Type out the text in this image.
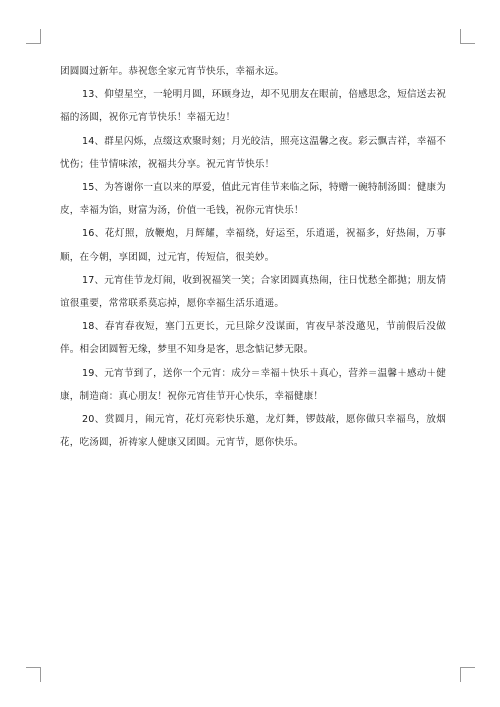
团圆圆过新年。恭祝您全家元宵节快乐，幸福永远。

13、仰望星空，一轮明月圆，环顾身边，却不见朋友在眼前，倍感思念，短信送去祝福的汤圆，祝你元宵节快乐！幸福无边！

14、群星闪烁，点缀这欢聚时刻；月光皎洁，照亮这温馨之夜。彩云飘吉祥，幸福不忧伤；佳节情味浓，祝福共分享。祝元宵节快乐！

15、为答谢你一直以来的厚爱，值此元宵佳节来临之际，特赠一碗特制汤圆：健康为皮，幸福为馅，财富为汤，价值一毛钱，祝你元宵快乐！

16、花灯照，放鞭炮，月辉耀，幸福绕，好运至，乐逍遥，祝福多，好热闹，万事顺，在今朝，享团圆，过元宵，传短信，很美妙。

17、元宵佳节龙灯闹，收到祝福笑一笑；合家团圆真热闹，往日忧愁全都抛；朋友情谊很重要，常常联系莫忘掉，愿你幸福生活乐逍遥。

18、春宵春夜短，塞门五更长，元旦除夕没谋面，宵夜早茶没邀见，节前假后没做伴。相会团圆暂无缘，梦里不知身是客，思念惦记梦无限。

19、元宵节到了，送你一个元宵：成分＝幸福＋快乐＋真心，营养＝温馨＋感动＋健康，制造商：真心朋友！祝你元宵佳节开心快乐，幸福健康！

20、赏圆月，闹元宵，花灯亮彩快乐邀，龙灯舞，锣鼓敲，愿你做只幸福鸟，放烟花，吃汤圆，祈祷家人健康又团圆。元宵节，愿你快乐。
